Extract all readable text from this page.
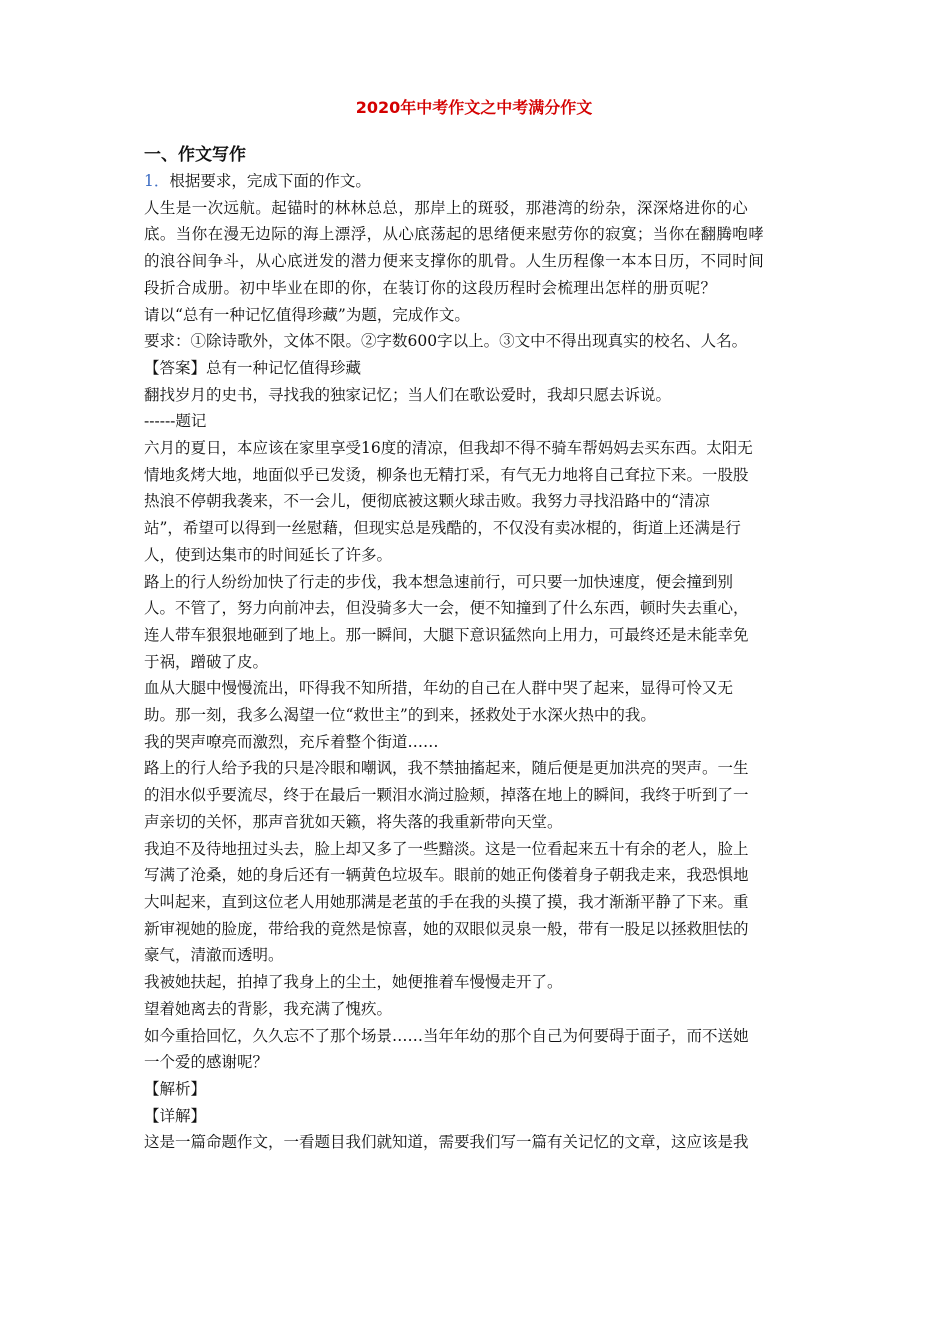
2020年中考作文之中考满分作文
一、作文写作

1．根据要求，完成下面的作文。

人生是一次远航。起锚时的林林总总，那岸上的斑驳，那港湾的纷杂，深深烙进你的心

底。当你在漫无边际的海上漂浮，从心底荡起的思绪便来慰劳你的寂寞；当你在翻腾咆哮

的浪谷间争斗，从心底迸发的潜力便来支撑你的肌骨。人生历程像一本本日历，不同时间

段折合成册。初中毕业在即的你，在装订你的这段历程时会梳理出怎样的册页呢？

请以“总有一种记忆值得珍藏”为题，完成作文。

要求：①除诗歌外，文体不限。②字数600字以上。③文中不得出现真实的校名、人名。

【答案】总有一种记忆值得珍藏

翻找岁月的史书，寻找我的独家记忆；当人们在歌讼爱时，我却只愿去诉说。

------题记

六月的夏日，本应该在家里享受16度的清凉，但我却不得不骑车帮妈妈去买东西。太阳无

情地炙烤大地，地面似乎已发烫，柳条也无精打采，有气无力地将自己耷拉下来。一股股

热浪不停朝我袭来，不一会儿，便彻底被这颗火球击败。我努力寻找沿路中的“清凉

站”，希望可以得到一丝慰藉，但现实总是残酷的，不仅没有卖冰棍的，街道上还满是行

人，使到达集市的时间延长了许多。

路上的行人纷纷加快了行走的步伐，我本想急速前行，可只要一加快速度，便会撞到别

人。不管了，努力向前冲去，但没骑多大一会，便不知撞到了什么东西，顿时失去重心，

连人带车狠狠地砸到了地上。那一瞬间，大腿下意识猛然向上用力，可最终还是未能幸免

于祸，蹭破了皮。

血从大腿中慢慢流出，吓得我不知所措，年幼的自己在人群中哭了起来，显得可怜又无

助。那一刻，我多么渴望一位“救世主”的到来，拯救处于水深火热中的我。

我的哭声嘹亮而激烈，充斥着整个街道……

路上的行人给予我的只是冷眼和嘲讽，我不禁抽搐起来，随后便是更加洪亮的哭声。一生

的泪水似乎要流尽，终于在最后一颗泪水淌过脸颊，掉落在地上的瞬间，我终于听到了一

声亲切的关怀，那声音犹如天籁，将失落的我重新带向天堂。

我迫不及待地扭过头去，脸上却又多了一些黯淡。这是一位看起来五十有余的老人，脸上

写满了沧桑，她的身后还有一辆黄色垃圾车。眼前的她正佝偻着身子朝我走来，我恐惧地

大叫起来，直到这位老人用她那满是老茧的手在我的头摸了摸，我才渐渐平静了下来。重

新审视她的脸庞，带给我的竟然是惊喜，她的双眼似灵泉一般，带有一股足以拯救胆怯的

豪气，清澈而透明。

我被她扶起，拍掉了我身上的尘土，她便推着车慢慢走开了。

望着她离去的背影，我充满了愧疚。

如今重拾回忆，久久忘不了那个场景……当年年幼的那个自己为何要碍于面子，而不送她

一个爱的感谢呢？

【解析】

【详解】

这是一篇命题作文，一看题目我们就知道，需要我们写一篇有关记忆的文章，这应该是我
